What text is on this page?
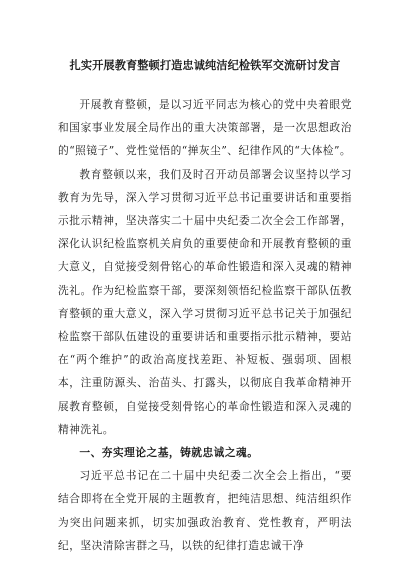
扎实开展教育整顿打造忠诚纯洁纪检铁军交流研讨发言

开展教育整顿，是以习近平同志为核心的党中央着眼党和国家事业发展全局作出的重大决策部署，是一次思想政治的“照镜子”、党性觉悟的“掸灰尘”、纪律作风的“大体检”。

教育整顿以来，我们及时召开动员部署会议坚持以学习教育为先导，深入学习贯彻习近平总书记重要讲话和重要指示批示精神，坚决落实二十届中央纪委二次全会工作部署，深化认识纪检监察机关肩负的重要使命和开展教育整顿的重大意义，自觉接受刻骨铭心的革命性锻造和深入灵魂的精神洗礼。作为纪检监察干部，要深刻领悟纪检监察干部队伍教育整顿的重大意义，深入学习贯彻习近平总书记关于加强纪检监察干部队伍建设的重要讲话和重要指示批示精神，要站在“两个维护”的政治高度找差距、补短板、强弱项、固根本，注重防源头、治苗头、打露头，以彻底自我革命精神开展教育整顿，自觉接受刻骨铭心的革命性锻造和深入灵魂的精神洗礼。

一、夯实理论之基，铸就忠诚之魂。

习近平总书记在二十届中央纪委二次全会上指出，“要结合即将在全党开展的主题教育，把纯洁思想、纯洁组织作为突出问题来抓，切实加强政治教育、党性教育，严明法纪，坚决清除害群之马，以铁的纪律打造忠诚干净
